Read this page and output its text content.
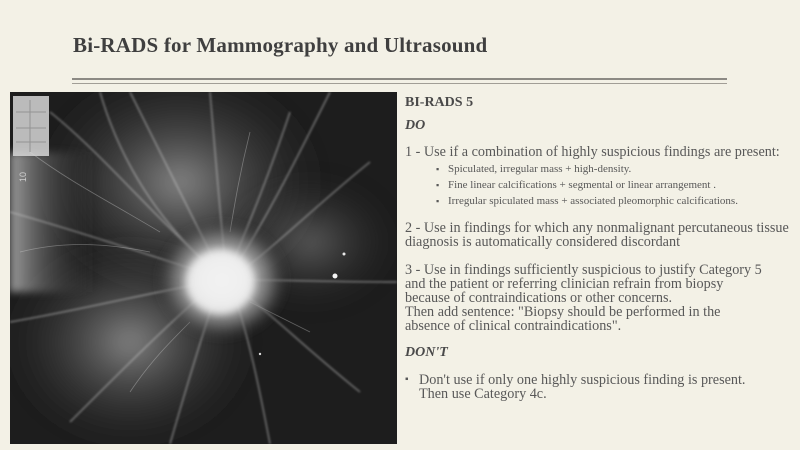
Bi-RADS for Mammography and Ultrasound
10
BI-RADS 5
DO
1 - Use if a combination of highly suspicious findings are present:
▪ Spiculated, irregular mass + high-density.
▪ Fine linear calcifications + segmental or linear arrangement .
▪ Irregular spiculated mass + associated pleomorphic calcifications.
2 - Use in findings for which any nonmalignant percutaneous tissue diagnosis is automatically considered discordant
3 - Use in findings sufficiently suspicious to justify Category 5
and the patient or referring clinician refrain from biopsy
because of contraindications or other concerns.
Then add sentence: "Biopsy should be performed in the
absence of clinical contraindications".
DON'T
▪ Don't use if only one highly suspicious finding is present.
Then use Category 4c.
